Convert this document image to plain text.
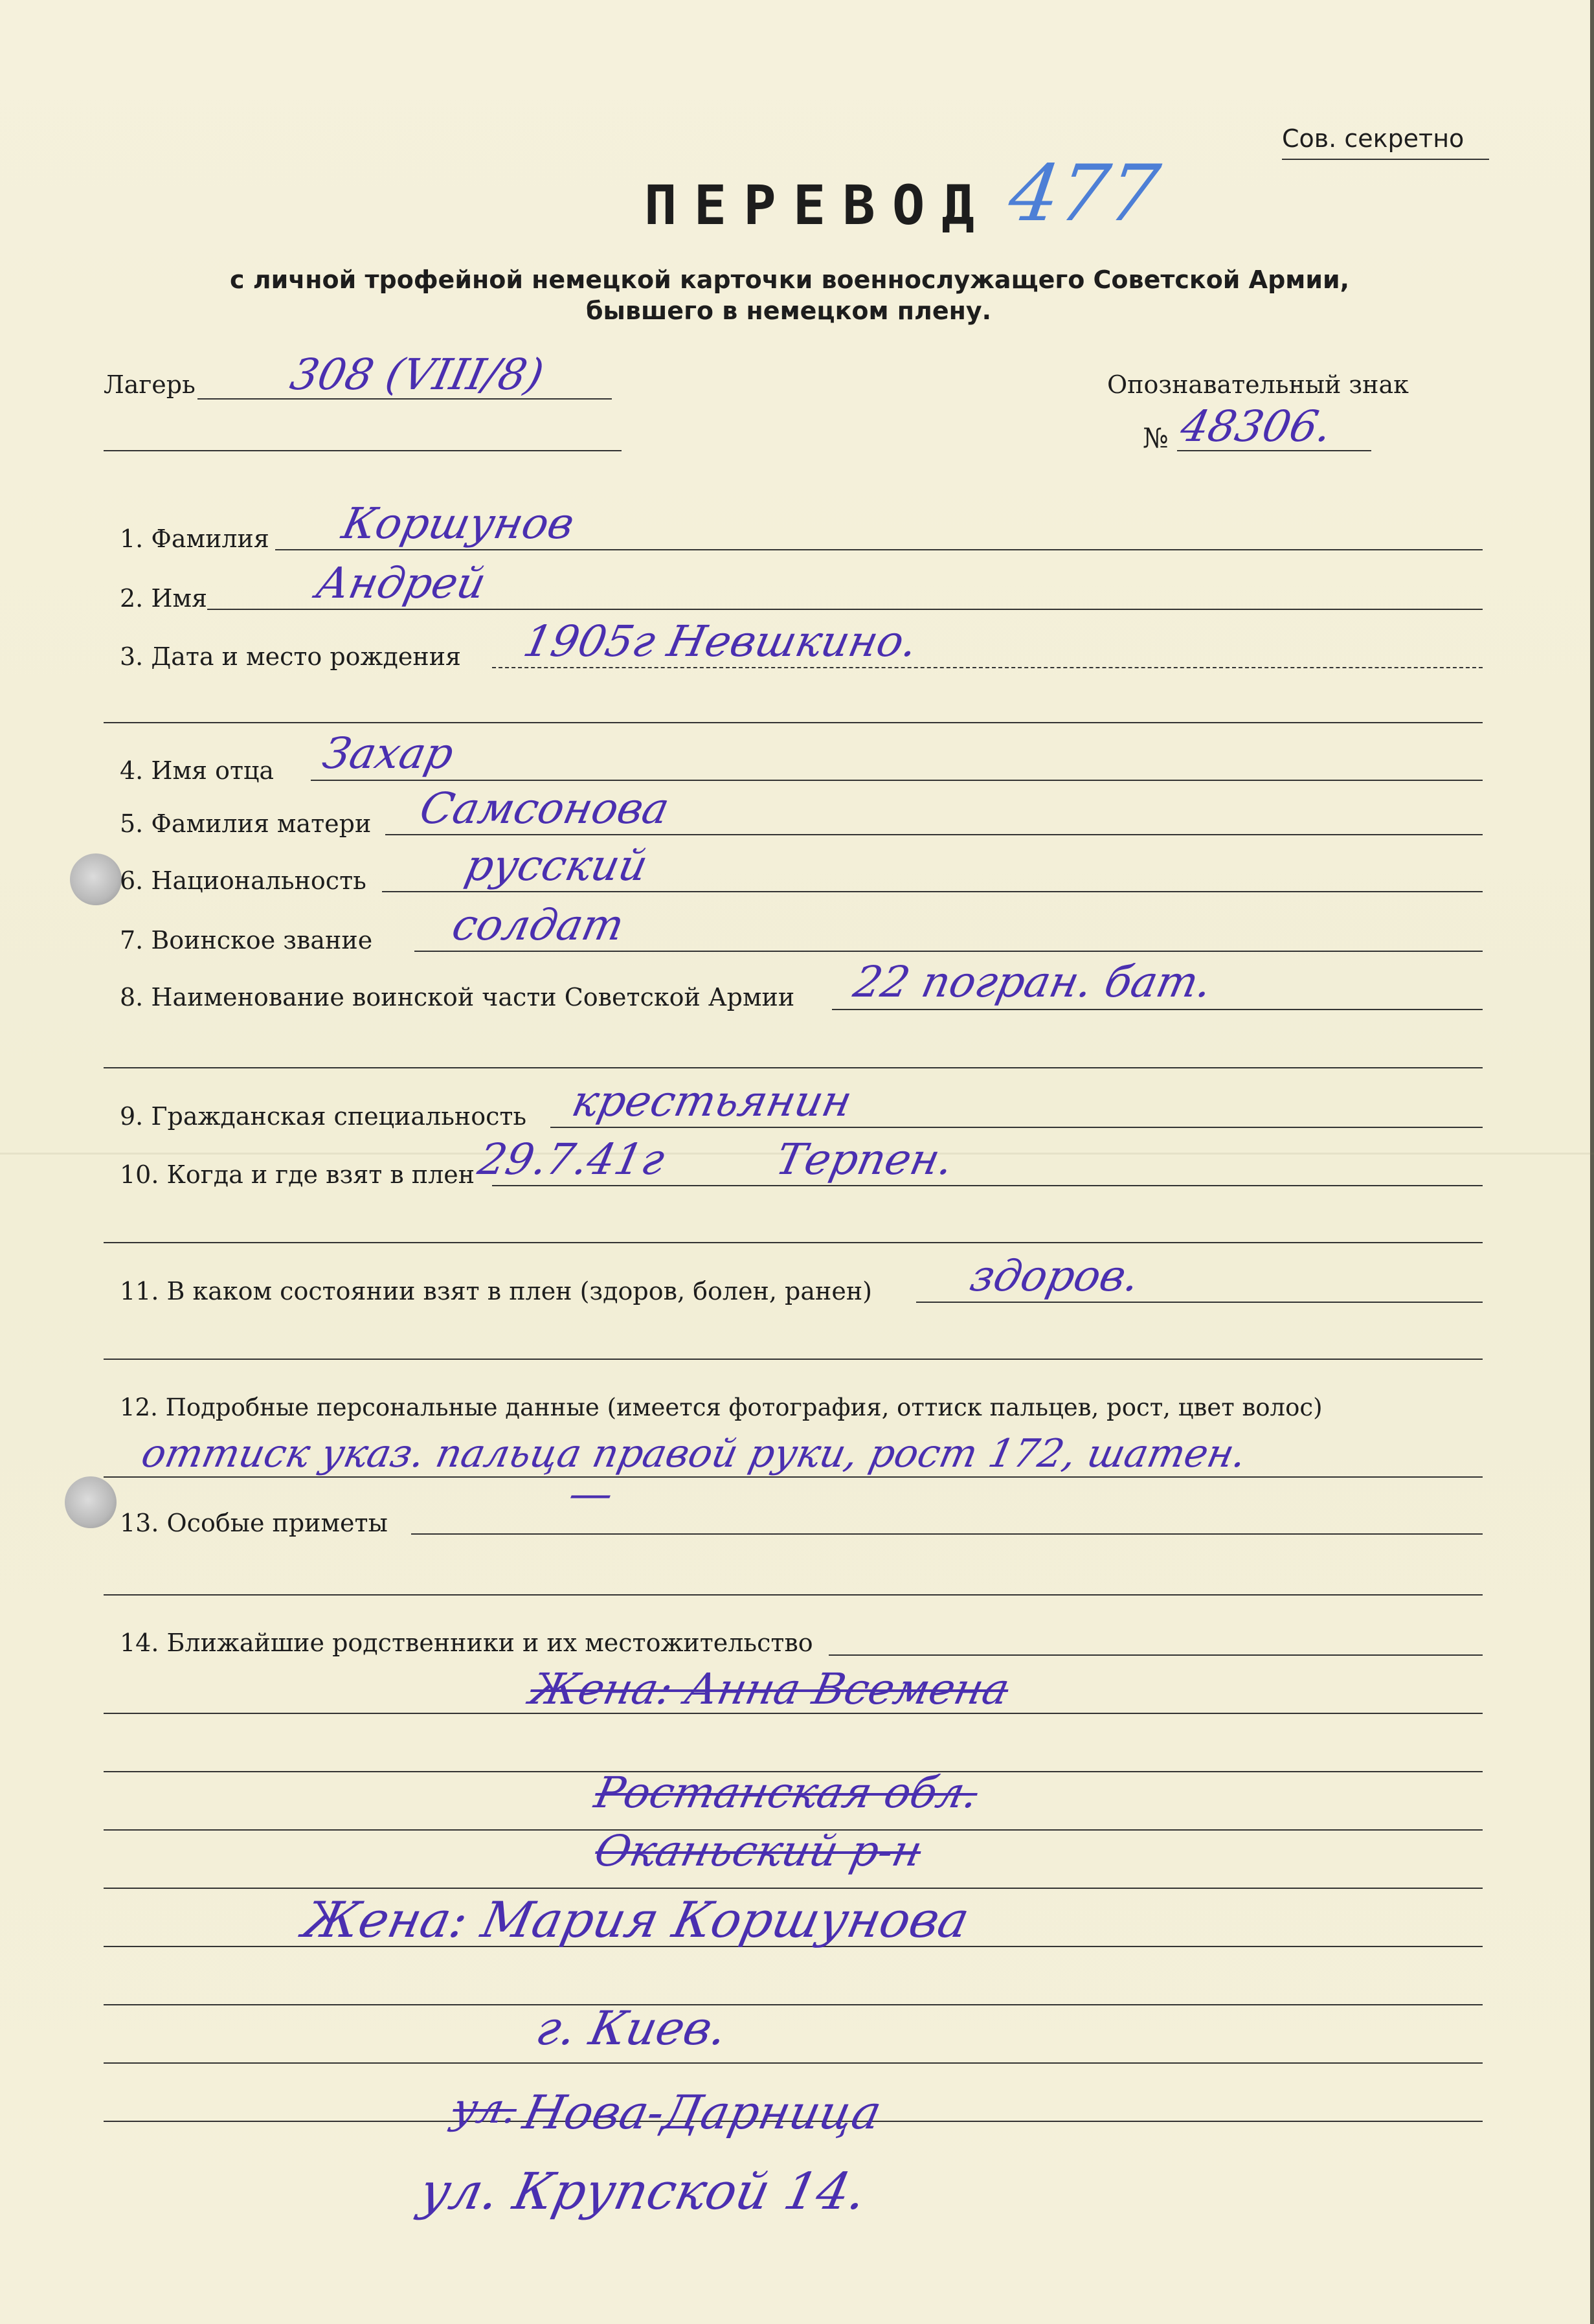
Сов. секретно
ПЕРЕВОД 477
с личной трофейной немецкой карточки военнослужащего Советской Армии,
бывшего в немецком плену.
Лагерь 308 (VIII/8)	Опознавательный знак
№ 48306.
1. Фамилия Коршунов
2. Имя Андрей
3. Дата и место рождения 1905г Невшкино.
4. Имя отца Захар
5. Фамилия матери Самсонова
6. Национальность русский
7. Воинское звание солдат
8. Наименование воинской части Советской Армии 22 погран. бат.
9. Гражданская специальность крестьянин
10. Когда и где взят в плен
29.7.41г Терпен.
11. В каком состоянии взят в плен (здоров, болен, ранен) здоров.
12. Подробные персональные данные (имеется фотография, оттиск пальцев, рост, цвет волос)
оттиск указ. пальца правой руки, рост 172, шатен.
13. Особые приметы
—
14. Ближайшие родственники и их местожительство
Жена: Анна Всемена
Ростанская обл.
Оканьский р-н
Жена: Мария Коршунова
г. Киев.
ул.
Нова-Дарница
ул. Крупской 14.
